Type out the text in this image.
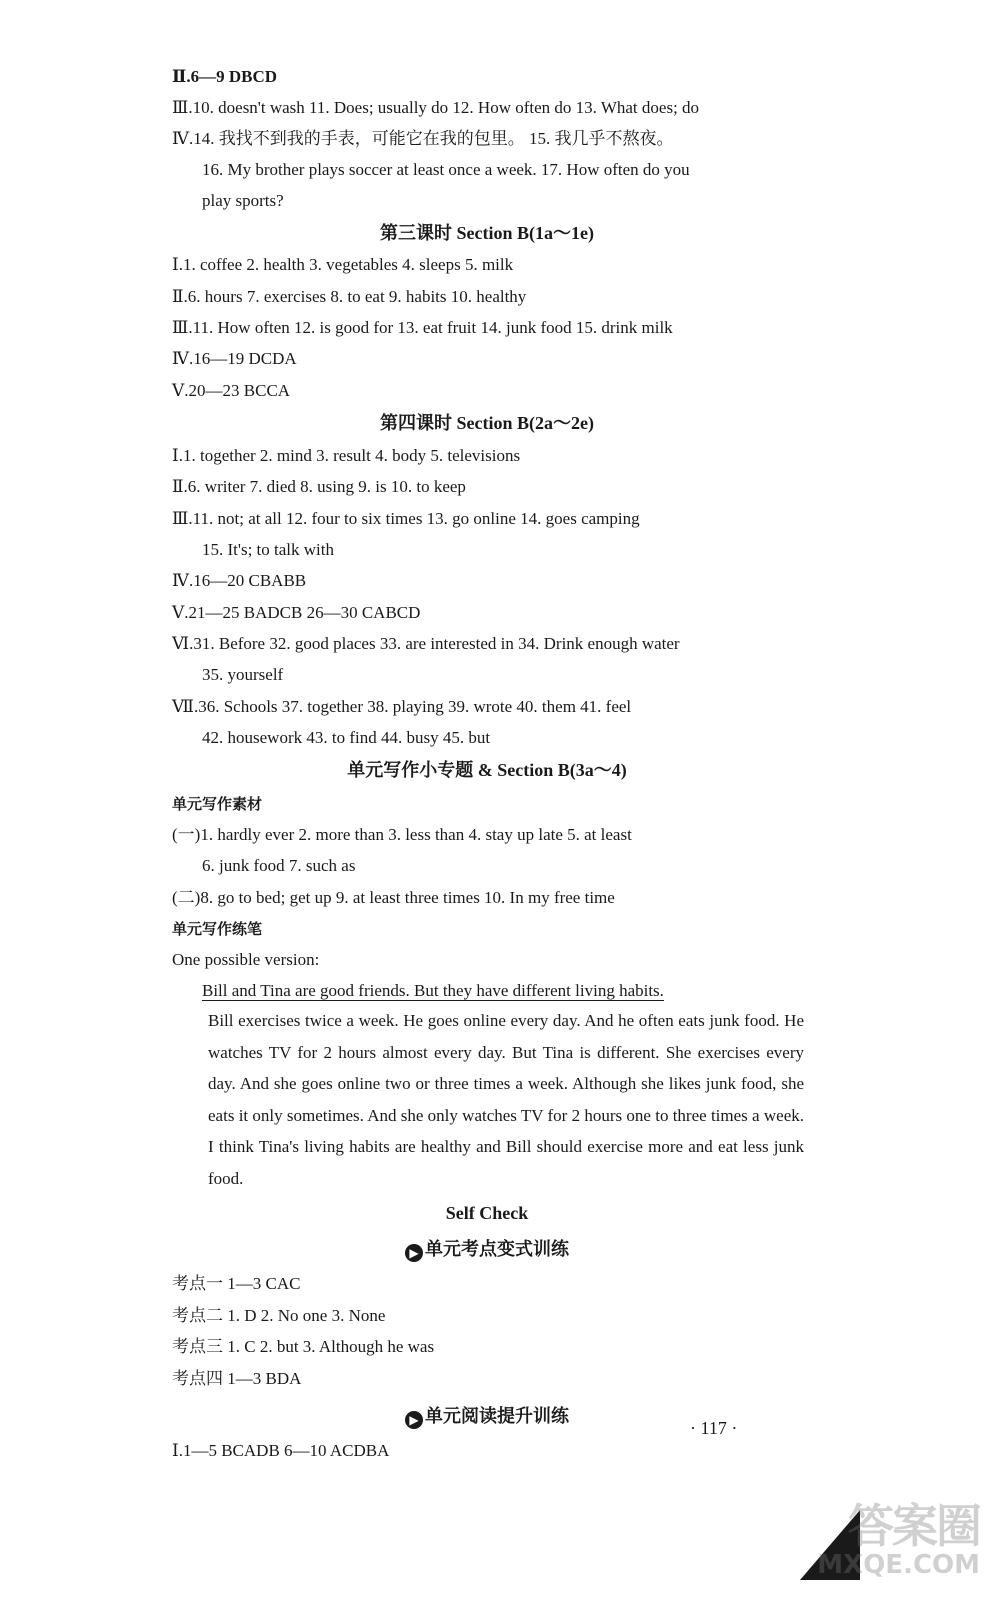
Ⅱ.6—9 DBCD
Ⅲ.10. doesn't wash 11. Does; usually do 12. How often do 13. What does; do
Ⅳ.14. 我找不到我的手表，可能它在我的包里。 15. 我几乎不熬夜。
16. My brother plays soccer at least once a week. 17. How often do you
play sports?
第三课时 Section B(1a～1e)
Ⅰ.1. coffee 2. health 3. vegetables 4. sleeps 5. milk
Ⅱ.6. hours 7. exercises 8. to eat 9. habits 10. healthy
Ⅲ.11. How often 12. is good for 13. eat fruit 14. junk food 15. drink milk
Ⅳ.16—19 DCDA
Ⅴ.20—23 BCCA
第四课时 Section B(2a～2e)
Ⅰ.1. together 2. mind 3. result 4. body 5. televisions
Ⅱ.6. writer 7. died 8. using 9. is 10. to keep
Ⅲ.11. not; at all 12. four to six times 13. go online 14. goes camping
15. It's; to talk with
Ⅳ.16—20 CBABB
Ⅴ.21—25 BADCB 26—30 CABCD
Ⅵ.31. Before 32. good places 33. are interested in 34. Drink enough water
35. yourself
Ⅶ.36. Schools 37. together 38. playing 39. wrote 40. them 41. feel
42. housework 43. to find 44. busy 45. but
单元写作小专题 & Section B(3a～4)
单元写作素材
(一)1. hardly ever 2. more than 3. less than 4. stay up late 5. at least
6. junk food 7. such as
(二)8. go to bed; get up 9. at least three times 10. In my free time
单元写作练笔
One possible version:
Bill and Tina are good friends. But they have different living habits.
Bill exercises twice a week. He goes online every day. And he often eats junk food. He watches TV for 2 hours almost every day. But Tina is different. She exercises every day. And she goes online two or three times a week. Although she likes junk food, she eats it only sometimes. And she only watches TV for 2 hours one to three times a week. I think Tina's living habits are healthy and Bill should exercise more and eat less junk food.
Self Check
▶ 单元考点变式训练
考点一 1—3 CAC
考点二 1. D 2. No one 3. None
考点三 1. C 2. but 3. Although he was
考点四 1—3 BDA
▶ 单元阅读提升训练
Ⅰ.1—5 BCADB 6—10 ACDBA
· 117 ·
答案圈
MXQE.COM
